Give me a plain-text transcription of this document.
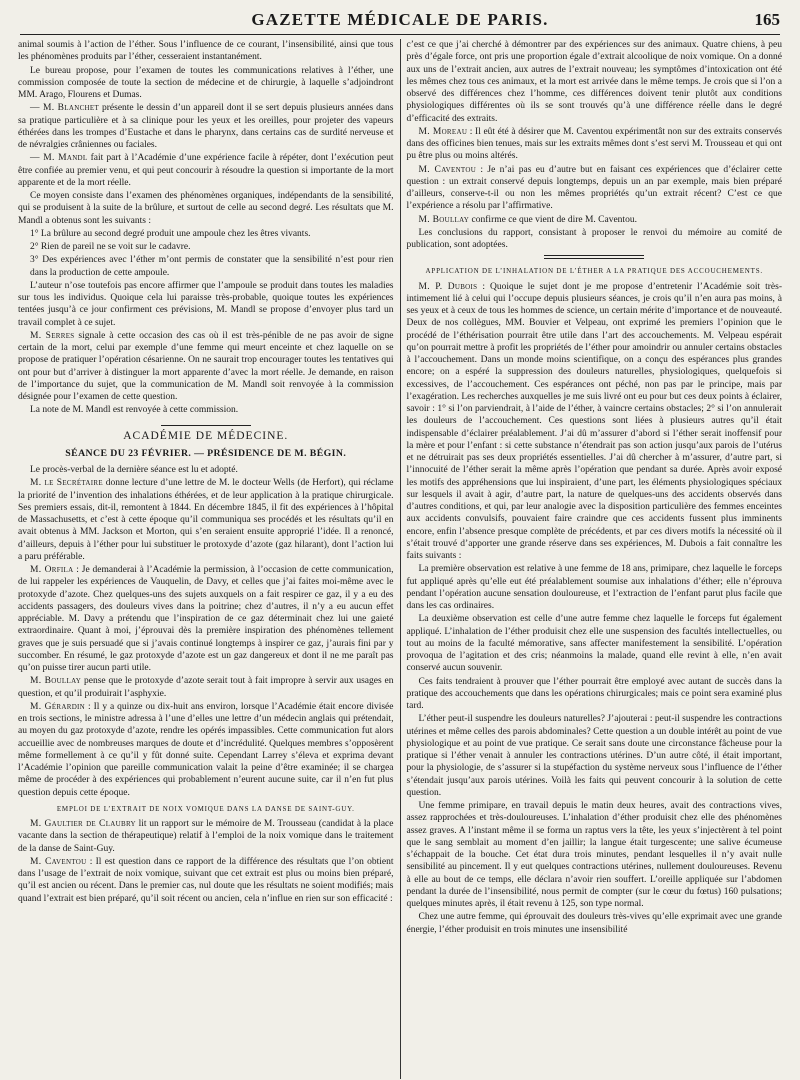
GAZETTE MÉDICALE DE PARIS.	165

animal soumis à l’action de l’éther. Sous l’influence de ce courant, l’insensibilité, ainsi que tous les phénomènes produits par l’éther, cesseraient instantanément.

Le bureau propose, pour l’examen de toutes les communications relatives à l’éther, une commission composée de toute la section de médecine et de chirurgie, à laquelle s’adjoindront MM. Arago, Flourens et Dumas.

— M. Blanchet présente le dessin d’un appareil dont il se sert depuis plusieurs années dans sa pratique particulière et à sa clinique pour les yeux et les oreilles, pour projeter des vapeurs éthérées dans les trompes d’Eustache et dans le pharynx, dans certains cas de surdité nerveuse et de névralgies crâniennes ou faciales.

— M. Mandl fait part à l’Académie d’une expérience facile à répéter, dont l’exécution peut être confiée au premier venu, et qui peut concourir à résoudre la question si importante de la mort apparente et de la mort réelle.

Ce moyen consiste dans l’examen des phénomènes organiques, indépendants de la sensibilité, qui se produisent à la suite de la brûlure, et surtout de celle au second degré. Les résultats que M. Mandl a obtenus sont les suivants :

1° La brûlure au second degré produit une ampoule chez les êtres vivants.

2° Rien de pareil ne se voit sur le cadavre.

3° Des expériences avec l’éther m’ont permis de constater que la sensibilité n’est pour rien dans la production de cette ampoule.

L’auteur n’ose toutefois pas encore affirmer que l’ampoule se produit dans toutes les maladies sur tous les individus. Quoique cela lui paraisse très-probable, quoique toutes les expériences tentées jusqu’à ce jour confirment ces prévisions, M. Mandl se propose d’envoyer plus tard un travail complet à ce sujet.

M. Serres signale à cette occasion des cas où il est très-pénible de ne pas avoir de signe certain de la mort, celui par exemple d’une femme qui meurt enceinte et chez laquelle on se propose de pratiquer l’opération césarienne. On ne saurait trop encourager toutes les tentatives qui ont pour but d’arriver à distinguer la mort apparente d’avec la mort réelle. Je demande, en raison de l’importance du sujet, que la communication de M. Mandl soit renvoyée à la commission désignée pour l’examen de cette question.

La note de M. Mandl est renvoyée à cette commission.

ACADÉMIE DE MÉDECINE.
SÉANCE DU 23 FÉVRIER. — PRÉSIDENCE DE M. BÉGIN.

Le procès-verbal de la dernière séance est lu et adopté.

M. le Secrétaire donne lecture d’une lettre de M. le docteur Wells (de Herfort), qui réclame la priorité de l’invention des inhalations éthérées, et de leur application à la pratique chirurgicale. Ses premiers essais, dit-il, remontent à 1844. En décembre 1845, il fit des expériences à l’hôpital de Massachusetts, et c’est à cette époque qu’il communiqua ses procédés et les résultats qu’il en avait obtenus à MM. Jackson et Morton, qui s’en seraient ensuite approprié l’idée. Il a renoncé, d’ailleurs, depuis à l’éther pour lui substituer le protoxyde d’azote (gaz hilarant), dont l’action lui a paru préférable.

M. Orfila : Je demanderai à l’Académie la permission, à l’occasion de cette communication, de lui rappeler les expériences de Vauquelin, de Davy, et celles que j’ai faites moi-même avec le protoxyde d’azote. Chez quelques-uns des sujets auxquels on a fait respirer ce gaz, il y a eu des accidents passagers, des douleurs vives dans la poitrine; chez d’autres, il n’y a eu aucun effet appréciable. M. Davy a prétendu que l’inspiration de ce gaz déterminait chez lui une gaieté extraordinaire. Quant à moi, j’éprouvai dès la première inspiration des phénomènes tellement graves que je suis persuadé que si j’avais continué longtemps à inspirer ce gaz, j’aurais fini par y succomber. En résumé, le gaz protoxyde d’azote est un gaz dangereux et dont il ne me paraît pas qu’on puisse tirer aucun parti utile.

M. Boullay pense que le protoxyde d’azote serait tout à fait impropre à servir aux usages en question, et qu’il produirait l’asphyxie.

M. Gérardin : Il y a quinze ou dix-huit ans environ, lorsque l’Académie était encore divisée en trois sections, le ministre adressa à l’une d’elles une lettre d’un médecin anglais qui prétendait, au moyen du gaz protoxyde d’azote, rendre les opérés impassibles. Cette communication fut alors accueillie avec de nombreuses marques de doute et d’incrédulité. Quelques membres s’opposèrent même formellement à ce qu’il y fût donné suite. Cependant Larrey s’éleva et exprima devant l’Académie l’opinion que pareille communication valait la peine d’être examinée; il se chargea même de procéder à des expériences qui probablement n’eurent aucune suite, car il n’en fut plus question depuis cette époque.

EMPLOI DE L’EXTRAIT DE NOIX VOMIQUE DANS LA DANSE DE SAINT-GUY.

M. Gaultier de Claubry lit un rapport sur le mémoire de M. Trousseau (candidat à la place vacante dans la section de thérapeutique) relatif à l’emploi de la noix vomique dans le traitement de la danse de Saint-Guy.

M. Caventou : Il est question dans ce rapport de la différence des résultats que l’on obtient dans l’usage de l’extrait de noix vomique, suivant que cet extrait est plus ou moins bien préparé, qu’il est ancien ou récent. Dans le premier cas, nul doute que les résultats ne soient modifiés; mais quand l’extrait est bien préparé, qu’il soit récent ou ancien, cela n’influe en rien sur son efficacité :

c’est ce que j’ai cherché à démontrer par des expériences sur des animaux. Quatre chiens, à peu près d’égale force, ont pris une proportion égale d’extrait alcoolique de noix vomique. On a donné aux uns de l’extrait ancien, aux autres de l’extrait nouveau; les symptômes d’intoxication ont été les mêmes chez tous ces animaux, et la mort est arrivée dans le même temps. Je crois que si l’on a observé des différences chez l’homme, ces différences doivent tenir plutôt aux conditions physiologiques différentes où ils se sont trouvés qu’à une différence réelle dans le degré d’efficacité des extraits.

M. Moreau : Il eût été à désirer que M. Caventou expérimentât non sur des extraits conservés dans des officines bien tenues, mais sur les extraits mêmes dont s’est servi M. Trousseau et qui ont pu être plus ou moins altérés.

M. Caventou : Je n’ai pas eu d’autre but en faisant ces expériences que d’éclairer cette question : un extrait conservé depuis longtemps, depuis un an par exemple, mais bien préparé d’ailleurs, conserve-t-il ou non les mêmes propriétés qu’un extrait récent? C’est ce que l’expérience a résolu par l’affirmative.

M. Boullay confirme ce que vient de dire M. Caventou.

Les conclusions du rapport, consistant à proposer le renvoi du mémoire au comité de publication, sont adoptées.

APPLICATION DE L’INHALATION DE L’ÉTHER A LA PRATIQUE DES ACCOUCHEMENTS.

M. P. Dubois : Quoique le sujet dont je me propose d’entretenir l’Académie soit très-intimement lié à celui qui l’occupe depuis plusieurs séances, je crois qu’il n’en aura pas moins, à ses yeux et à ceux de tous les hommes de science, un certain mérite d’importance et de nouveauté. Deux de nos collègues, MM. Bouvier et Velpeau, ont exprimé les premiers l’opinion que le procédé de l’éthérisation pourrait être utile dans l’art des accouchements. M. Velpeau espérait qu’on pourrait mettre à profit les propriétés de l’éther pour amoindrir ou annuler certains obstacles à l’accouchement. Dans un monde moins scientifique, on a conçu des espérances plus grandes encore; on a espéré la suppression des douleurs naturelles, physiologiques, quelquefois si excessives, de l’accouchement. Ces espérances ont péché, non pas par le principe, mais par l’exagération. Les recherches auxquelles je me suis livré ont eu pour but ces deux points à éclairer, savoir : 1° si l’on parviendrait, à l’aide de l’éther, à vaincre certains obstacles; 2° si l’on annulerait les douleurs de l’accouchement. Ces questions sont liées à plusieurs autres qu’il était indispensable d’éclairer préalablement. J’ai dû m’assurer d’abord si l’éther serait inoffensif pour la mère et pour l’enfant : si cette substance n’étendrait pas son action jusqu’aux parois de l’utérus et ne détruirait pas ses deux propriétés essentielles. J’ai dû chercher à m’assurer, d’autre part, si l’innocuité de l’éther serait la même après l’opération que pendant sa durée. Après avoir exposé les motifs des appréhensions que lui inspiraient, d’une part, les éléments physiologiques spéciaux sur lesquels il avait à agir, d’autre part, la nature de quelques-uns des accidents observés dans d’autres conditions, et qui, par leur analogie avec la disposition particulière des femmes enceintes aux accidents convulsifs, pouvaient faire craindre que ces accidents fussent plus imminents encore, enfin l’absence presque complète de précédents, et par ces divers motifs la nécessité où il s’était trouvé d’apporter une grande réserve dans ses expériences, M. Dubois a fait connaître les faits suivants :

La première observation est relative à une femme de 18 ans, primipare, chez laquelle le forceps fut appliqué après qu’elle eut été préalablement soumise aux inhalations d’éther; elle n’éprouva pendant l’opération aucune sensation douloureuse, et l’extraction de l’enfant parut plus facile que dans les cas ordinaires.

La deuxième observation est celle d’une autre femme chez laquelle le forceps fut également appliqué. L’inhalation de l’éther produisit chez elle une suspension des facultés intellectuelles, ou tout au moins de la faculté mémorative, sans affecter manifestement la sensibilité. L’opération provoqua de l’agitation et des cris; néanmoins la malade, quand elle revint à elle, n’en avait conservé aucun souvenir.

Ces faits tendraient à prouver que l’éther pourrait être employé avec autant de succès dans la pratique des accouchements que dans les opérations chirurgicales; mais ce point sera examiné plus tard.

L’éther peut-il suspendre les douleurs naturelles? J’ajouterai : peut-il suspendre les contractions utérines et même celles des parois abdominales? Cette question a un double intérêt au point de vue physiologique et au point de vue pratique. Ce serait sans doute une circonstance fâcheuse pour la pratique si l’éther venait à annuler les contractions utérines. D’un autre côté, il était important, pour la physiologie, de s’assurer si la stupéfaction du système nerveux sous l’influence de l’éther s’étendait jusqu’aux parois utérines. Voilà les faits qui peuvent concourir à la solution de cette question.

Une femme primipare, en travail depuis le matin deux heures, avait des contractions vives, assez rapprochées et très-douloureuses. L’inhalation d’éther produisit chez elle des phénomènes assez graves. A l’instant même il se forma un raptus vers la tête, les yeux s’injectèrent à tel point que le sang semblait au moment d’en jaillir; la langue était turgescente; une salive écumeuse s’échappait de la bouche. Cet état dura trois minutes, pendant lesquelles il n’y avait nulle sensibilité au pincement. Il y eut quelques contractions utérines, nullement douloureuses. Revenu à elle au bout de ce temps, elle déclara n’avoir rien souffert. L’oreille appliquée sur l’abdomen pendant la durée de l’insensibilité, nous permit de compter (sur le cœur du fœtus) 160 pulsations; quelques minutes après, il était revenu à 125, son type normal.

Chez une autre femme, qui éprouvait des douleurs très-vives qu’elle exprimait avec une grande énergie, l’éther produisit en trois minutes une insensibilité
